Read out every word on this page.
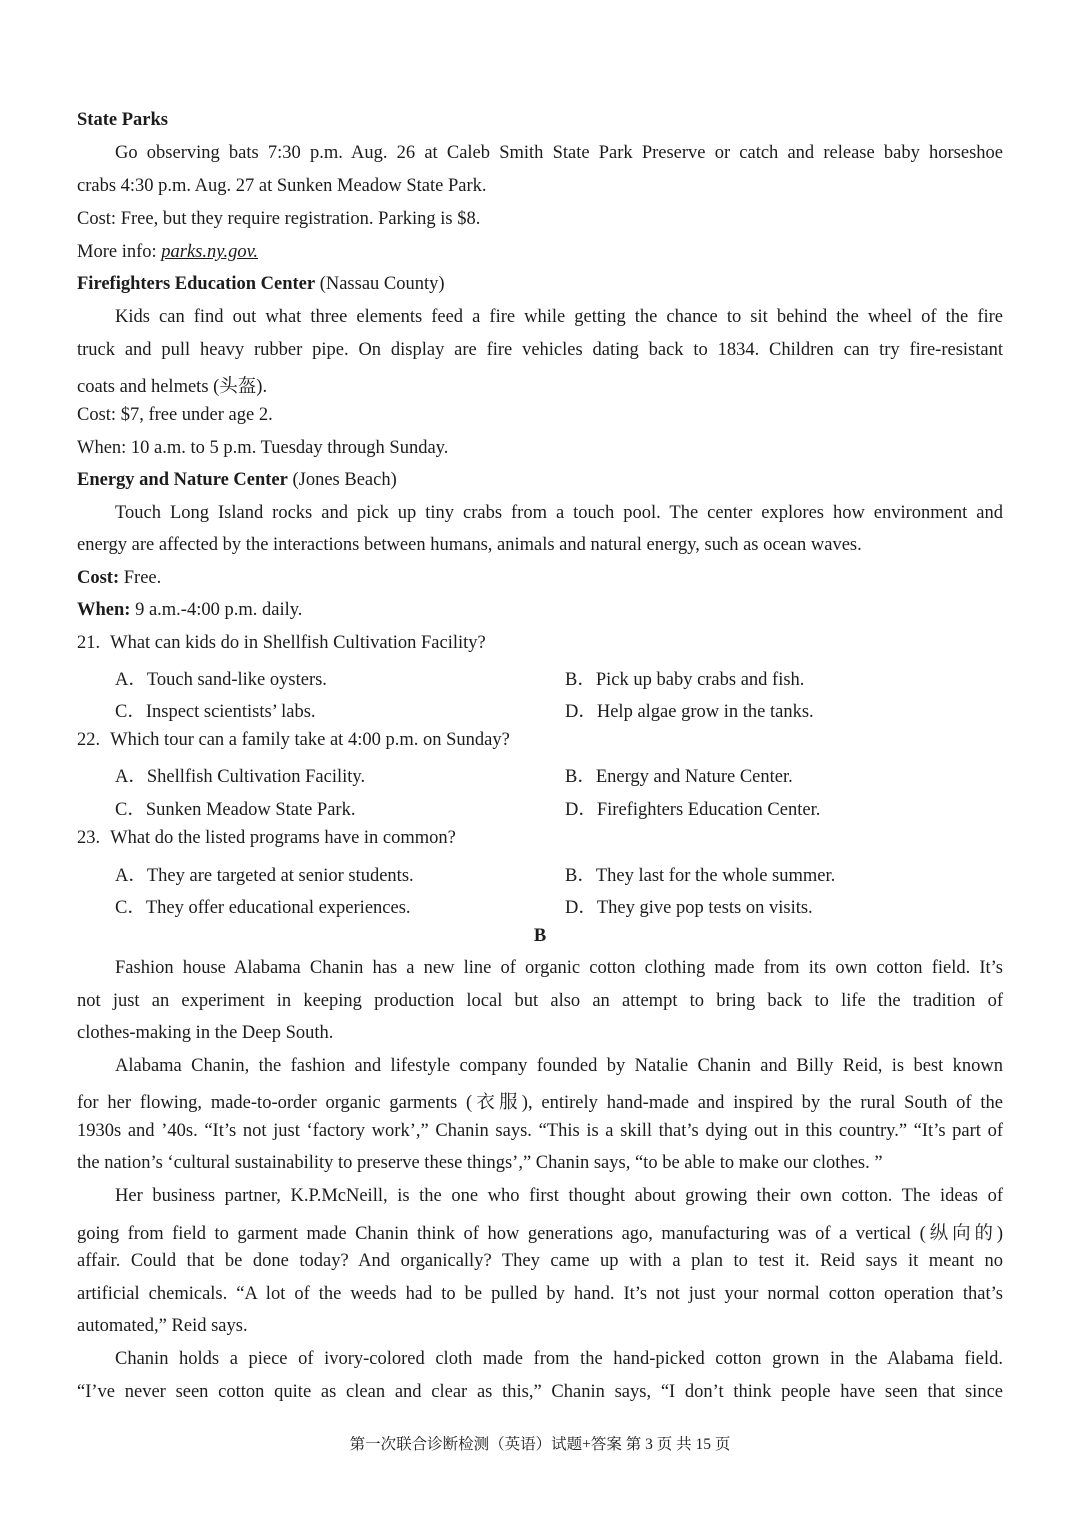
State Parks
Go observing bats 7:30 p.m. Aug. 26 at Caleb Smith State Park Preserve or catch and release baby horseshoe
crabs 4:30 p.m. Aug. 27 at Sunken Meadow State Park.
Cost: Free, but they require registration. Parking is $8.
More info: parks.ny.gov.
Firefighters Education Center (Nassau County)
Kids can find out what three elements feed a fire while getting the chance to sit behind the wheel of the fire
truck and pull heavy rubber pipe. On display are fire vehicles dating back to 1834. Children can try fire-resistant
coats and helmets (头盔).
Cost: $7, free under age 2.
When: 10 a.m. to 5 p.m. Tuesday through Sunday.
Energy and Nature Center (Jones Beach)
Touch Long Island rocks and pick up tiny crabs from a touch pool. The center explores how environment and
energy are affected by the interactions between humans, animals and natural energy, such as ocean waves.
Cost: Free.
When: 9 a.m.-4:00 p.m. daily.
21. What can kids do in Shellfish Cultivation Facility?
A．Touch sand-like oysters.	B．Pick up baby crabs and fish.
C．Inspect scientists’ labs.	D．Help algae grow in the tanks.
22. Which tour can a family take at 4:00 p.m. on Sunday?
A．Shellfish Cultivation Facility.	B．Energy and Nature Center.
C．Sunken Meadow State Park.	D．Firefighters Education Center.
23. What do the listed programs have in common?
A．They are targeted at senior students.	B．They last for the whole summer.
C．They offer educational experiences.	D．They give pop tests on visits.
B
Fashion house Alabama Chanin has a new line of organic cotton clothing made from its own cotton field. It’s
not just an experiment in keeping production local but also an attempt to bring back to life the tradition of
clothes-making in the Deep South.
Alabama Chanin, the fashion and lifestyle company founded by Natalie Chanin and Billy Reid, is best known
for her flowing, made-to-order organic garments (衣服), entirely hand-made and inspired by the rural South of the
1930s and ’40s. “It’s not just ‘factory work’,” Chanin says. “This is a skill that’s dying out in this country.” “It’s part of
the nation’s ‘cultural sustainability to preserve these things’,” Chanin says, “to be able to make our clothes. ”
Her business partner, K.P.McNeill, is the one who first thought about growing their own cotton. The ideas of
going from field to garment made Chanin think of how generations ago, manufacturing was of a vertical (纵向的)
affair. Could that be done today? And organically? They came up with a plan to test it. Reid says it meant no
artificial chemicals. “A lot of the weeds had to be pulled by hand. It’s not just your normal cotton operation that’s
automated,” Reid says.
Chanin holds a piece of ivory-colored cloth made from the hand-picked cotton grown in the Alabama field.
“I’ve never seen cotton quite as clean and clear as this,” Chanin says, “I don’t think people have seen that since
第一次联合诊断检测（英语）试题+答案 第 3 页 共 15 页
